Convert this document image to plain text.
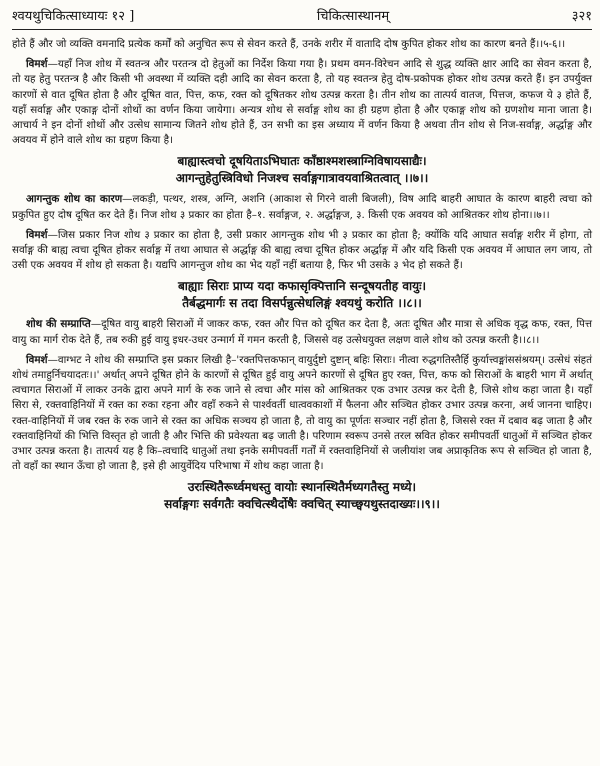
श्वयथुचिकित्साध्यायः १२ ]	चिकित्सास्थानम्	३२१

होते हैं और जो व्यक्ति वमनादि प्रत्येक कर्मों को अनुचित रूप से सेवन करते हैं, उनके शरीर में वातादि दोष कुपित होकर शोथ का कारण बनते हैं।।५-६।।

विमर्श—यहाँ निज शोथ में स्वतन्त्र और परतन्त्र दो हेतुओं का निर्देश किया गया है। प्रथम वमन-विरेचन आदि से शुद्ध व्यक्ति क्षार आदि का सेवन करता है, तो यह हेतु परतन्त्र है और किसी भी अवस्था में व्यक्ति दही आदि का सेवन करता है, तो यह स्वतन्त्र हेतु दोष-प्रकोपक होकर शोथ उत्पन्न करते हैं। इन उपर्युक्त कारणों से वात दूषित होता है और दूषित वात, पित्त, कफ, रक्त को दूषितकर शोथ उत्पन्न करता है। तीन शोथ का तात्पर्य वातज, पित्तज, कफज ये ३ होते हैं, यहाँ सर्वाङ्ग और एकाङ्ग दोनों शोथों का वर्णन किया जायेगा। अन्यत्र शोथ से सर्वाङ्ग शोथ का ही ग्रहण होता है और एकाङ्ग शोथ को ग्रणशोथ माना जाता है। आचार्य ने इन दोनों शोथों और उत्सेध सामान्य जितने शोथ होते हैं, उन सभी का इस अध्याय में वर्णन किया है अथवा तीन शोथ से निज-सर्वाङ्ग, अर्द्धाङ्ग और अवयव में होने वाले शोथ का ग्रहण किया है।

बाह्यास्त्वचो दूषयिताऽभिघातः काँष्ठाश्मशस्त्राग्निविषायसाद्यैः।
आगन्तुहेतुस्त्रिविधो निजश्च सर्वाङ्गगात्रावयवाश्रितत्वात् ।।७।।

आगन्तुक शोथ का कारण—लकड़ी, पत्थर, शस्त्र, अग्नि, अशनि (आकाश से गिरने वाली बिजली), विष आदि बाहरी आघात के कारण बाहरी त्वचा को प्रकुपित हुए दोष दूषित कर देते हैं। निज शोथ ३ प्रकार का होता है–१. सर्वाङ्गज, २. अर्द्धाङ्गज, ३. किसी एक अवयव को आश्रितकर शोथ होना।।७।।

विमर्श—जिस प्रकार निज शोथ ३ प्रकार का होता है, उसी प्रकार आगन्तुक शोथ भी ३ प्रकार का होता है; क्योंकि यदि आघात सर्वाङ्ग शरीर में होगा, तो सर्वाङ्ग की बाह्य त्वचा दूषित होकर सर्वाङ्ग में तथा आघात से अर्द्धाङ्ग की बाह्य त्वचा दूषित होकर अर्द्धाङ्ग में और यदि किसी एक अवयव में आघात लग जाय, तो उसी एक अवयव में शोथ हो सकता है। यद्यपि आगन्तुज शोथ का भेद यहाँ नहीं बताया है, फिर भी उसके ३ भेद हो सकते हैं।

बाह्याः सिराः प्राप्य यदा कफासृक्पित्तानि सन्दूषयतीह वायुः।
तैर्बद्धमार्गः स तदा विसर्पन्नुत्सेधलिङ्गं श्वयथुं करोति ।।८।।

शोथ की सम्प्राप्ति—दूषित वायु बाहरी सिराओं में जाकर कफ, रक्त और पित्त को दूषित कर देता है, अतः दूषित और मात्रा से अधिक वृद्ध कफ, रक्त, पित्त वायु का मार्ग रोक देते हैं, तब रुकी हुई वायु इधर-उधर उन्मार्ग में गमन करती है, जिससे वह उत्सेधयुक्त लक्षण वाले शोथ को उत्पन्न करती है।।८।।

विमर्श—वाग्भट ने शोथ की सम्प्राप्ति इस प्रकार लिखी है–'रक्तपित्तकफान् वायुर्दुष्टो दुष्टान् बहिः सिराः। नीत्वा रुद्धगतिस्तैर्हि कुर्यात्त्वङ्मांससंश्रयम्। उत्सेधं संहतं शोथं तमाहुर्निचयादतः।।' अर्थात् अपने दूषित होने के कारणों से दूषित हुई वायु अपने कारणों से दूषित हुए रक्त, पित्त, कफ को सिराओं के बाहरी भाग में अर्थात् त्वचागत सिराओं में लाकर उनके द्वारा अपने मार्ग के रुक जाने से त्वचा और मांस को आश्रितकर एक उभार उत्पन्न कर देती है, जिसे शोथ कहा जाता है। यहाँ सिरा से, रक्तवाहिनियों में रक्त का रुका रहना और वहाँ रुकने से पार्श्ववर्ती धात्ववकाशों में फैलना और सञ्चित होकर उभार उत्पन्न करना, अर्थ जानना चाहिए। रक्त-वाहिनियों में जब रक्त के रुक जाने से रक्त का अधिक सञ्चय हो जाता है, तो वायु का पूर्णतः सञ्चार नहीं होता है, जिससे रक्त में दबाव बढ़ जाता है और रक्तवाहिनियों की भित्ति विस्तृत हो जाती है और भित्ति की प्रवेश्यता बढ़ जाती है। परिणाम स्वरूप उनसे तरल स्रवित होकर समीपवर्ती धातुओं में सञ्चित होकर उभार उत्पन्न करता है। तात्पर्य यह है कि–त्वचादि धातुओं तथा इनके समीपवर्ती गर्तों में रक्तवाहिनियों से जलीयांश जब अप्राकृतिक रूप से सञ्चित हो जाता है, तो वहाँ का स्थान ऊँचा हो जाता है, इसे ही आयुर्वेदिय परिभाषा में शोथ कहा जाता है।

उरःस्थितैरूर्ध्वमधस्तु वायोः स्थानस्थितैर्मध्यगतैस्तु मध्ये।
सर्वाङ्गगः सर्वगतैः क्वचित्स्थैर्दोषैः क्वचित् स्याच्छ्वयथुस्तदाख्यः।।९।।
